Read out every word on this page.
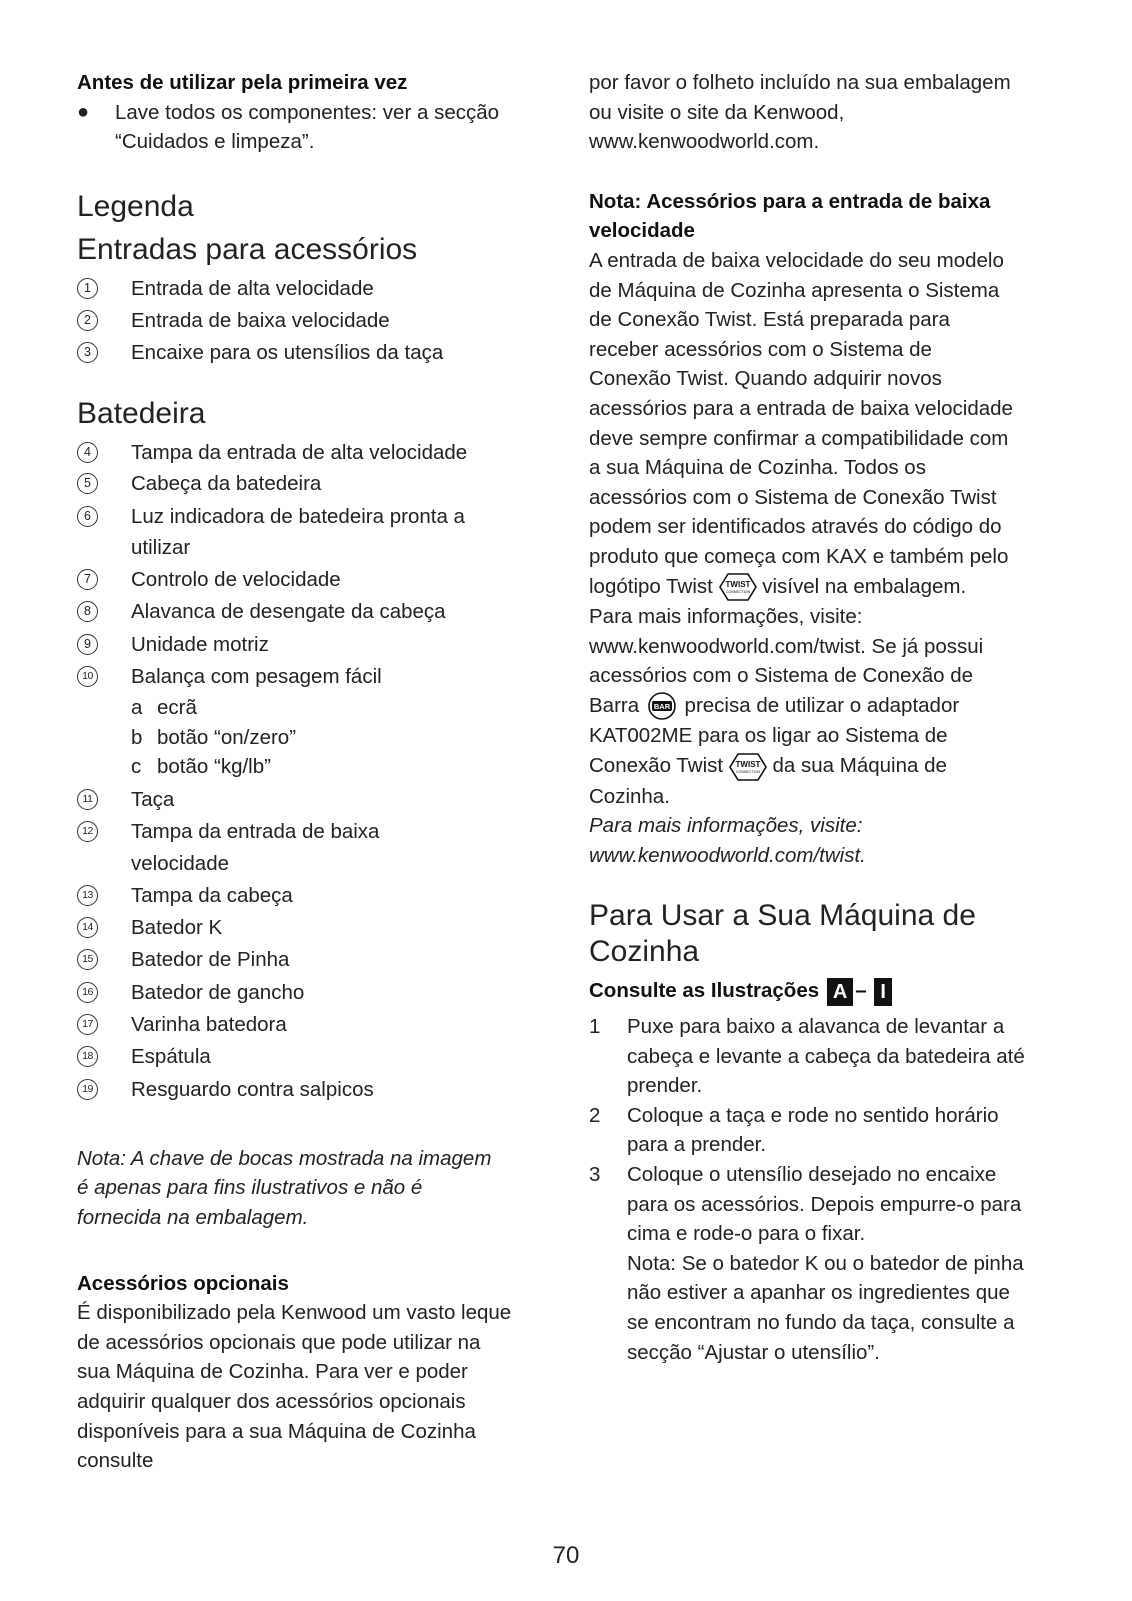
Antes de utilizar pela primeira vez

● Lave todos os componentes: ver a secção “Cuidados e limpeza”.
Legenda
Entradas para acessórios
1	Entrada de alta velocidade
2	Entrada de baixa velocidade
3	Encaixe para os utensílios da taça
Batedeira
4	Tampa da entrada de alta velocidade
5	Cabeça da batedeira
6	Luz indicadora de batedeira pronta a utilizar
7	Controlo de velocidade
8	Alavanca de desengate da cabeça
9	Unidade motriz
10 Balança com pesagem fácil
a ecrã
b botão “on/zero”
c botão “kg/lb”
11 Taça
12 Tampa da entrada de baixa velocidade
13 Tampa da cabeça
14 Batedor K
15 Batedor de Pinha
16 Batedor de gancho
17 Varinha batedora
18 Espátula
19 Resguardo contra salpicos

Nota: A chave de bocas mostrada na imagem é apenas para fins ilustrativos e não é fornecida na embalagem.

Acessórios opcionais

É disponibilizado pela Kenwood um vasto leque de acessórios opcionais que pode utilizar na sua Máquina de Cozinha. Para ver e poder adquirir qualquer dos acessórios opcionais disponíveis para a sua Máquina de Cozinha consulte

por favor o folheto incluído na sua embalagem ou visite o site da Kenwood, www.kenwoodworld.com.

Nota: Acessórios para a entrada de baixa velocidade

A entrada de baixa velocidade do seu modelo de Máquina de Cozinha apresenta o Sistema de Conexão Twist. Está preparada para receber acessórios com o Sistema de Conexão Twist. Quando adquirir novos acessórios para a entrada de baixa velocidade deve sempre confirmar a compatibilidade com a sua Máquina de Cozinha. Todos os acessórios com o Sistema de Conexão Twist podem ser identificados através do código do produto que começa com KAX e também pelo logótipo Twist TWIST
CONNECTION visível na embalagem. Para mais informações, visite: www.kenwoodworld.com/twist. Se já possui acessórios com o Sistema de Conexão de Barra BAR precisa de utilizar o adaptador KAT002ME para os ligar ao Sistema de Conexão Twist TWIST
CONNECTION da sua Máquina de Cozinha.

Para mais informações, visite: www.kenwoodworld.com/twist.

Para Usar a Sua Máquina de Cozinha

Consulte as Ilustrações A – I

1 Puxe para baixo a alavanca de levantar a cabeça e levante a cabeça da batedeira até prender.
2 Coloque a taça e rode no sentido horário para a prender.
3 Coloque o utensílio desejado no encaixe para os acessórios. Depois empurre-o para cima e rode-o para o fixar.
Nota: Se o batedor K ou o batedor de pinha não estiver a apanhar os ingredientes que se encontram no fundo da taça, consulte a secção “Ajustar o utensílio”.
70
